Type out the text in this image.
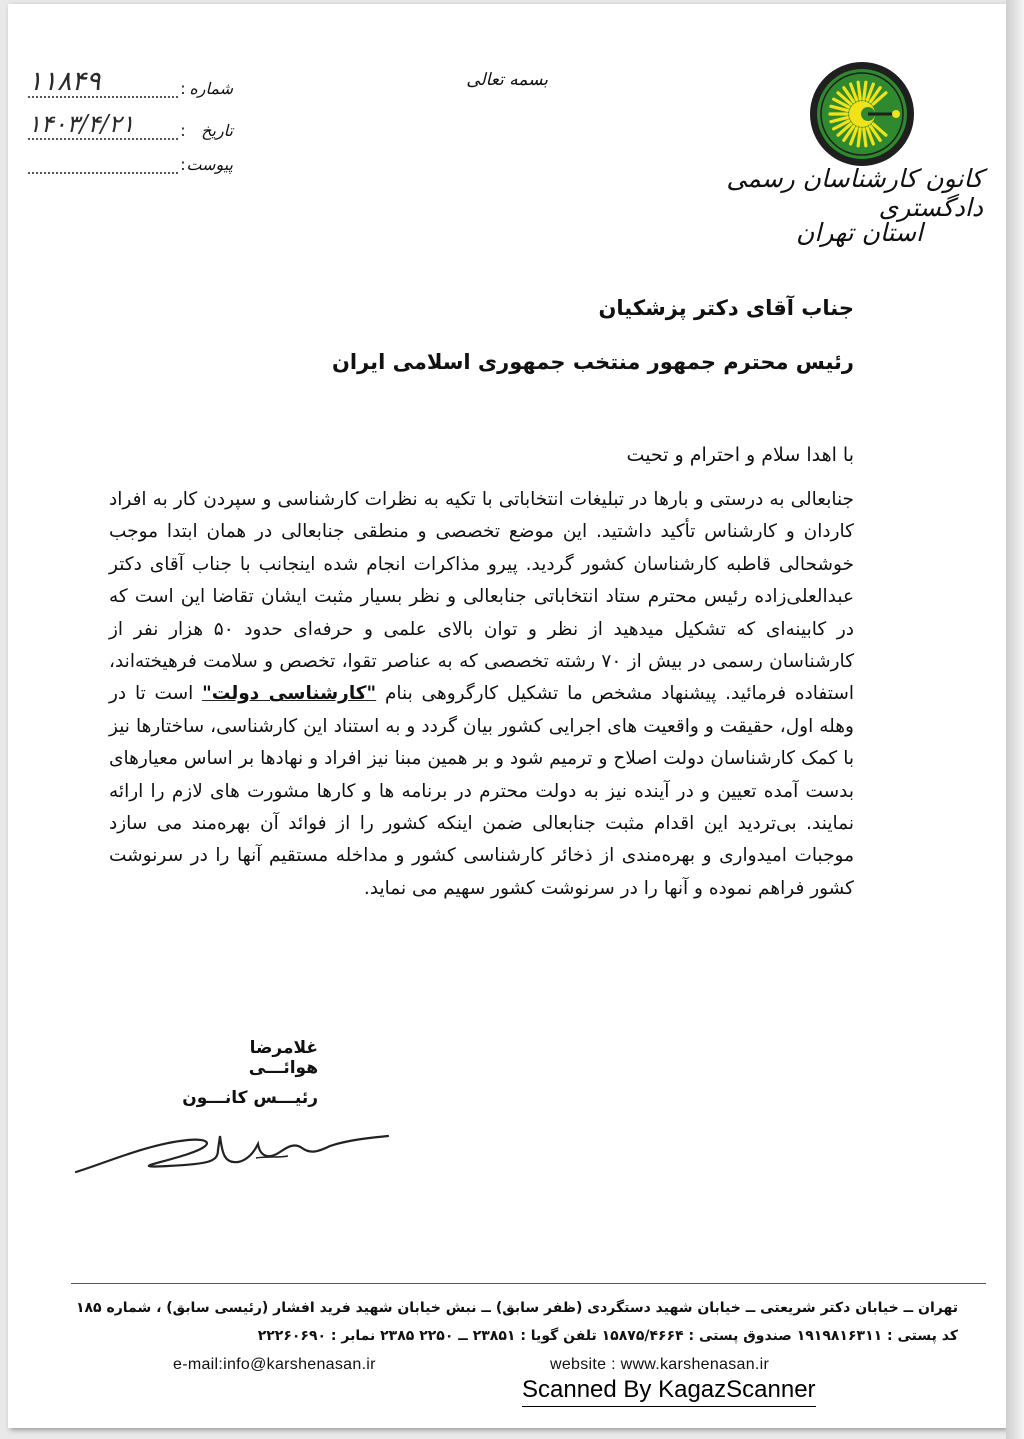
کانون کارشناسان رسمی دادگستری
استان تهران
بسمه تعالی
شماره
:
۱۱۸۴۹
تاریخ
:
۱۴۰۳/۴/۲۱
پیوست
:
جناب آقای دکتر پزشکیان
رئیس محترم جمهور منتخب جمهوری اسلامی ایران
با اهدا سلام و احترام و تحیت
جنابعالی به درستی و بارها در تبلیغات انتخاباتی با تکیه به نظرات کارشناسی و سپردن کار به افراد کاردان و کارشناس تأکید داشتید. این موضع تخصصی و منطقی جنابعالی در همان ابتدا موجب خوشحالی قاطبه کارشناسان کشور گردید. پیرو مذاکرات انجام شده اینجانب با جناب آقای دکتر عبدالعلی‌زاده رئیس محترم ستاد انتخاباتی جنابعالی و نظر بسیار مثبت ایشان تقاضا این است که در کابینه‌ای که تشکیل میدهید از نظر و توان بالای علمی و حرفه‌ای حدود ۵۰ هزار نفر از کارشناسان رسمی در بیش از ۷۰ رشته تخصصی که به عناصر تقوا، تخصص و سلامت فرهیخته‌اند، استفاده فرمائید. پیشنهاد مشخص ما تشکیل کارگروهی بنام "کارشناسی دولت" است تا در وهله اول، حقیقت و واقعیت های اجرایی کشور بیان گردد و به استناد این کارشناسی، ساختارها نیز با کمک کارشناسان دولت اصلاح و ترمیم شود و بر همین مبنا نیز افراد و نهادها بر اساس معیارهای بدست آمده تعیین و در آینده نیز به دولت محترم در برنامه ها و کارها مشورت های لازم را ارائه نمایند. بی‌تردید این اقدام مثبت جنابعالی ضمن اینکه کشور را از فوائد آن بهره‌مند می سازد موجبات امیدواری و بهره‌مندی از ذخائر کارشناسی کشور و مداخله مستقیم آنها را در سرنوشت کشور فراهم نموده و آنها را در سرنوشت کشور سهیم می نماید.
غلامرضا هوائـــی
رئیـــس کانـــون
تهران ــ خیابان دکتر شریعتی ــ خیابان شهید دستگردی (ظفر سابق) ــ نبش خیابان شهید فرید افشار (رئیسی سابق) ، شماره ۱۸۵
کد پستی : ۱۹۱۹۸۱۶۳۱۱ صندوق پستی : ۱۵۸۷۵/۴۶۶۴ تلفن گویا : ۲۳۸۵۱ ــ ۲۲۵۰ ۲۳۸۵ نمابر : ۲۲۲۶۰۶۹۰
e-mail:info@karshenasan.ir	website : www.karshenasan.ir
Scanned By KagazScanner
